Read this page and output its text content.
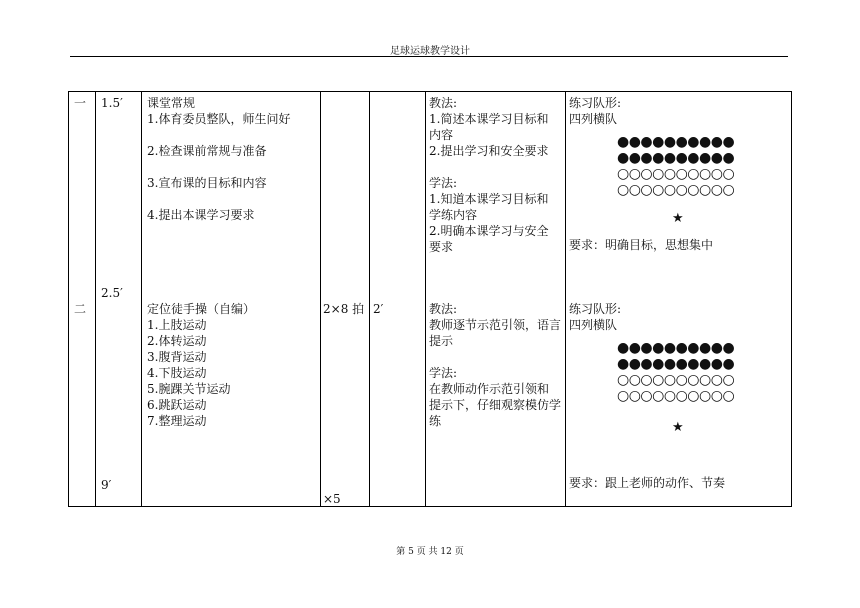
足球运球教学设计
一 1.5′
2.5′
课堂常规
1.体育委员整队，师生问好
2.检查课前常规与准备
3.宣布课的目标和内容
4.提出本课学习要求
教法:
1.简述本课学习目标和
内容
2.提出学习和安全要求
学法:
1.知道本课学习目标和
学练内容
2.明确本课学习与安全
要求
练习队形:
四列横队
●●●●●●●●●●
●●●●●●●●●●
○○○○○○○○○○
○○○○○○○○○○
★
要求：明确目标，思想集中
二
9′
定位徒手操（自编）
1.上肢运动
2.体转运动
3.腹背运动
4.下肢运动
5.腕踝关节运动
6.跳跃运动
7.整理运动
2×8 拍
×5
2′	教法:
教师逐节示范引领，语言
提示
学法:
在教师动作示范引领和
提示下，仔细观察模仿学
练
练习队形:
四列横队
●●●●●●●●●●
●●●●●●●●●●
○○○○○○○○○○
○○○○○○○○○○
★
要求：跟上老师的动作、节奏
第 5 页 共 12 页
